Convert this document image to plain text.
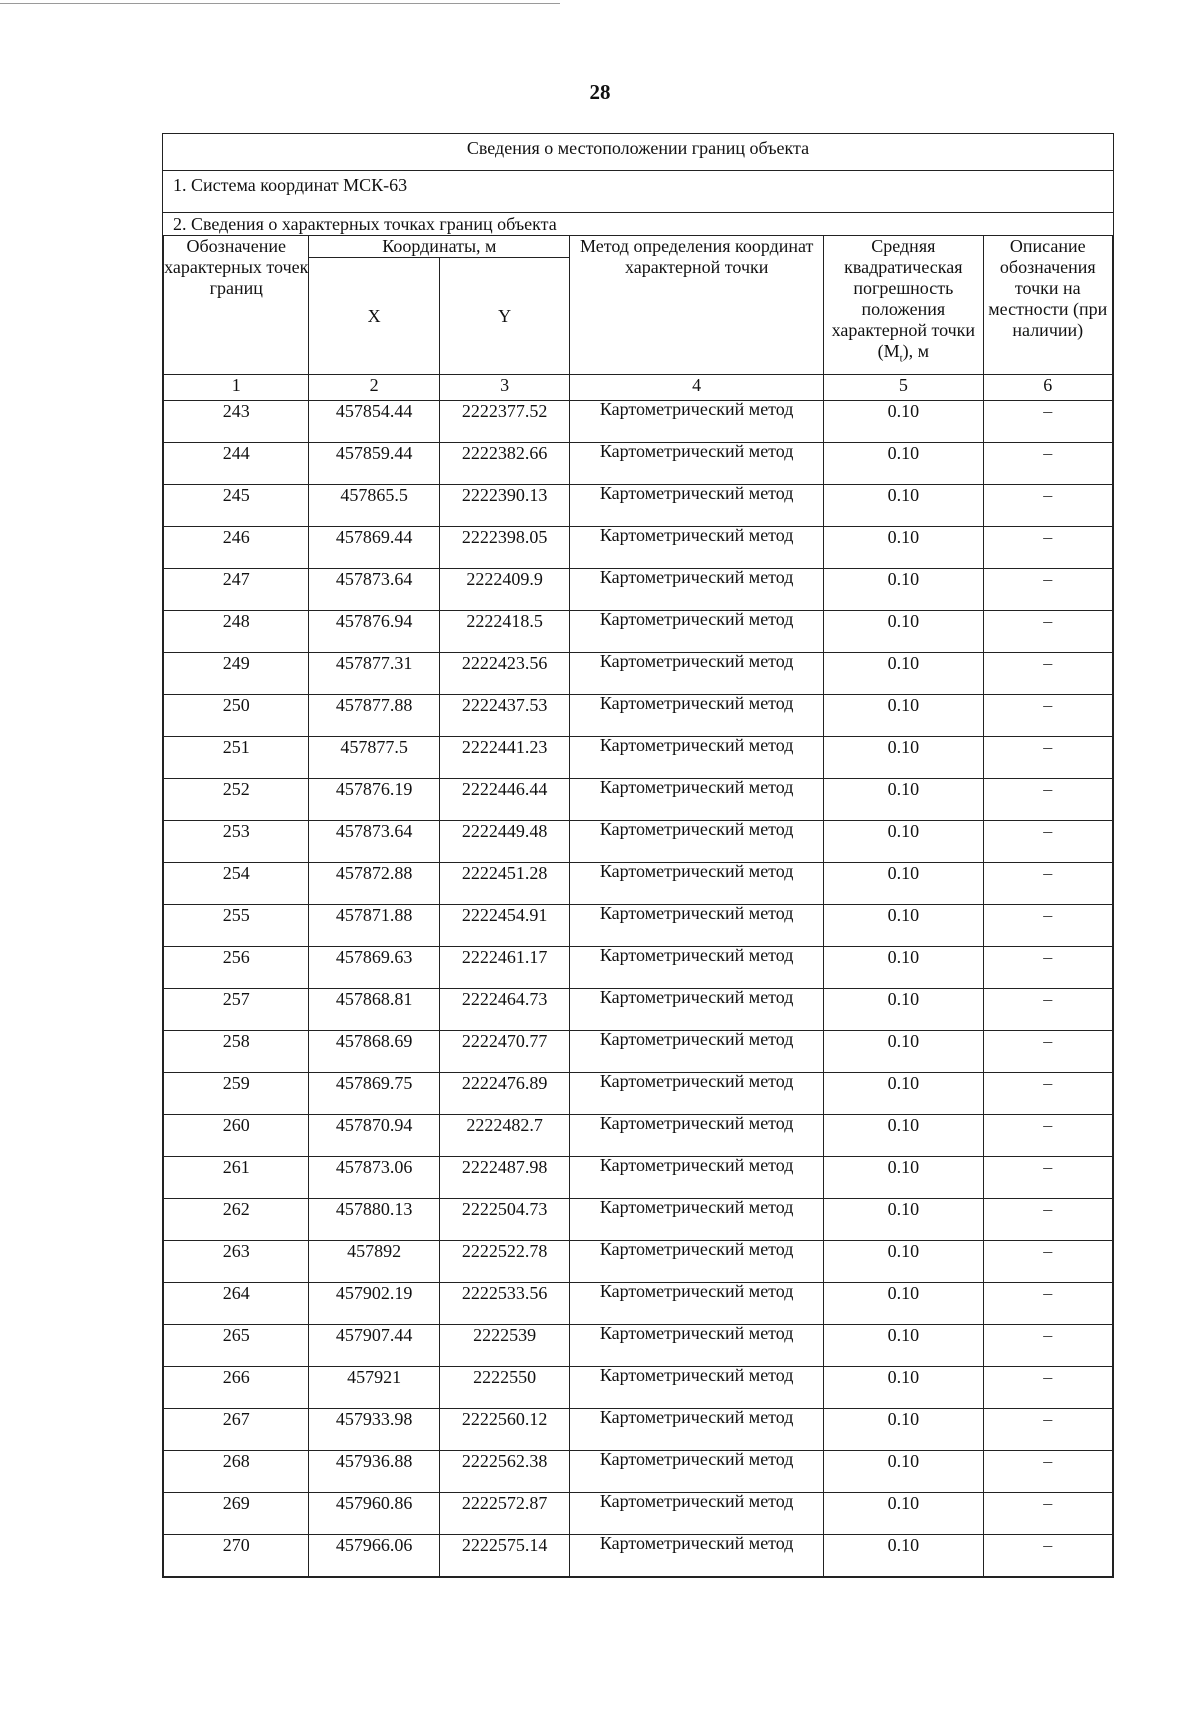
28
Сведения о местоположении границ объекта
1. Система координат МСК-63
2. Сведения о характерных точках границ объекта
Обозначение характерных точек границ	Координаты, м		Метод определения координат характерной точки	Средняя квадратическая погрешность положения характерной точки $(M_t)$, м	Описание обозначения точки на местности (при наличии)
	X	Y			
1	2	3	4	5	6
243	457854.44	2222377.52	Картометрический метод	0.10	–
244	457859.44	2222382.66	Картометрический метод	0.10	–
245	457865.5	2222390.13	Картометрический метод	0.10	–
246	457869.44	2222398.05	Картометрический метод	0.10	–
247	457873.64	2222409.9	Картометрический метод	0.10	–
248	457876.94	2222418.5	Картометрический метод	0.10	–
249	457877.31	2222423.56	Картометрический метод	0.10	–
250	457877.88	2222437.53	Картометрический метод	0.10	–
251	457877.5	2222441.23	Картометрический метод	0.10	–
252	457876.19	2222446.44	Картометрический метод	0.10	–
253	457873.64	2222449.48	Картометрический метод	0.10	–
254	457872.88	2222451.28	Картометрический метод	0.10	–
255	457871.88	2222454.91	Картометрический метод	0.10	–
256	457869.63	2222461.17	Картометрический метод	0.10	–
257	457868.81	2222464.73	Картометрический метод	0.10	–
258	457868.69	2222470.77	Картометрический метод	0.10	–
259	457869.75	2222476.89	Картометрический метод	0.10	–
260	457870.94	2222482.7	Картометрический метод	0.10	–
261	457873.06	2222487.98	Картометрический метод	0.10	–
262	457880.13	2222504.73	Картометрический метод	0.10	–
263	457892	2222522.78	Картометрический метод	0.10	–
264	457902.19	2222533.56	Картометрический метод	0.10	–
265	457907.44	2222539	Картометрический метод	0.10	–
266	457921	2222550	Картометрический метод	0.10	–
267	457933.98	2222560.12	Картометрический метод	0.10	–
268	457936.88	2222562.38	Картометрический метод	0.10	–
269	457960.86	2222572.87	Картометрический метод	0.10	–
270	457966.06	2222575.14	Картометрический метод	0.10	–
